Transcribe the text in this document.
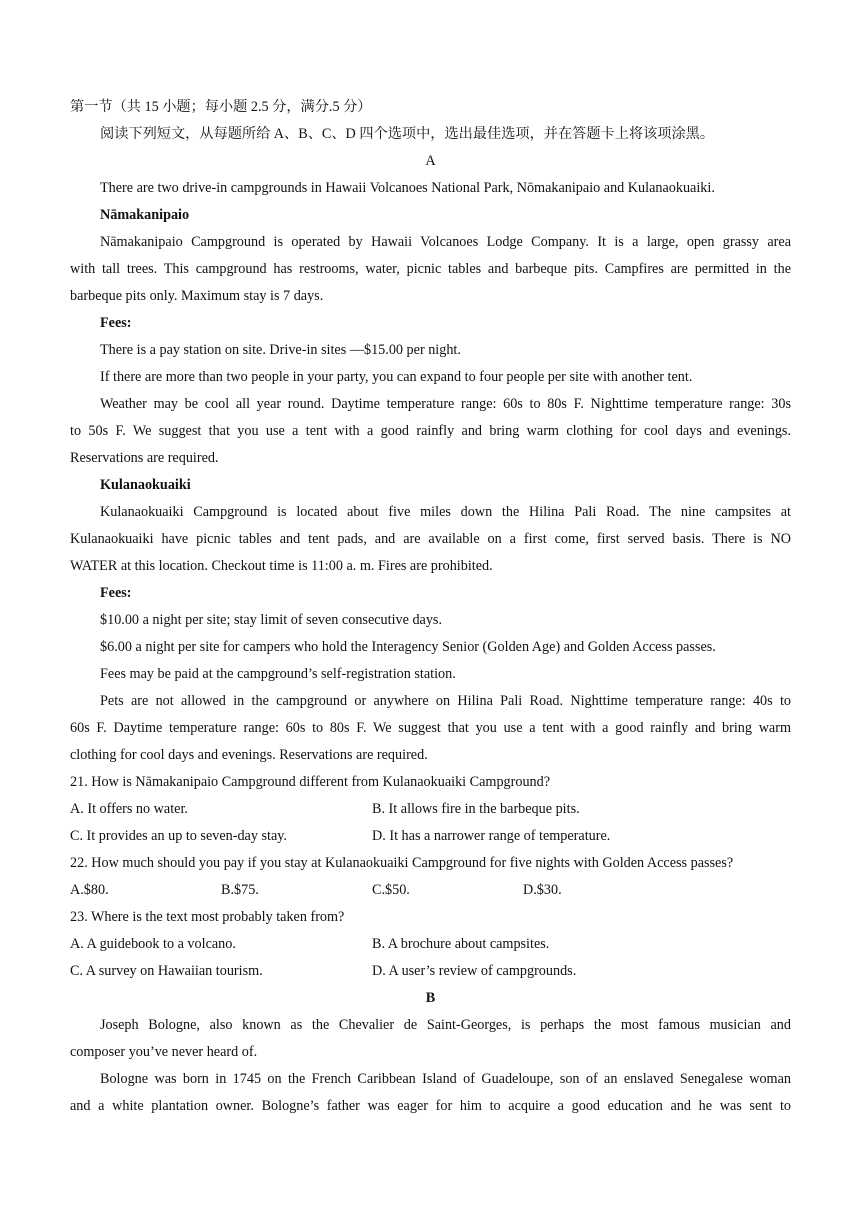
第一节（共 15 小题；每小题 2.5 分，满分.5 分）
阅读下列短文，从每题所给 A、B、C、D 四个选项中，选出最佳选项，并在答题卡上将该项涂黑。
A
There are two drive-in campgrounds in Hawaii Volcanoes National Park, Nōmakanipaio and Kulanaokuaiki.
Nāmakanipaio
Nāmakanipaio Campground is operated by Hawaii Volcanoes Lodge Company. It is a large, open grassy area
with tall trees. This campground has restrooms, water, picnic tables and barbeque pits. Campfires are permitted in the
barbeque pits only. Maximum stay is 7 days.
Fees:
There is a pay station on site. Drive-in sites —$15.00 per night.
If there are more than two people in your party, you can expand to four people per site with another tent.
Weather may be cool all year round. Daytime temperature range: 60s to 80s F. Nighttime temperature range: 30s
to 50s F. We suggest that you use a tent with a good rainfly and bring warm clothing for cool days and evenings.
Reservations are required.
Kulanaokuaiki
Kulanaokuaiki Campground is located about five miles down the Hilina Pali Road. The nine campsites at
Kulanaokuaiki have picnic tables and tent pads, and are available on a first come, first served basis. There is NO
WATER at this location. Checkout time is 11:00 a. m. Fires are prohibited.
Fees:
$10.00 a night per site; stay limit of seven consecutive days.
$6.00 a night per site for campers who hold the Interagency Senior (Golden Age) and Golden Access passes.
Fees may be paid at the campground’s self-registration station.
Pets are not allowed in the campground or anywhere on Hilina Pali Road. Nighttime temperature range: 40s to
60s F. Daytime temperature range: 60s to 80s F. We suggest that you use a tent with a good rainfly and bring warm
clothing for cool days and evenings. Reservations are required.
21. How is Nāmakanipaio Campground different from Kulanaokuaiki Campground?
A. It offers no water.	B. It allows fire in the barbeque pits.
C. It provides an up to seven-day stay.	D. It has a narrower range of temperature.
22. How much should you pay if you stay at Kulanaokuaiki Campground for five nights with Golden Access passes?
A.$80.	B.$75.	C.$50.	D.$30.
23. Where is the text most probably taken from?
A. A guidebook to a volcano.	B. A brochure about campsites.
C. A survey on Hawaiian tourism.	D. A user’s review of campgrounds.
B
Joseph Bologne, also known as the Chevalier de Saint-Georges, is perhaps the most famous musician and
composer you’ve never heard of.
Bologne was born in 1745 on the French Caribbean Island of Guadeloupe, son of an enslaved Senegalese woman
and a white plantation owner. Bologne’s father was eager for him to acquire a good education and he was sent to
